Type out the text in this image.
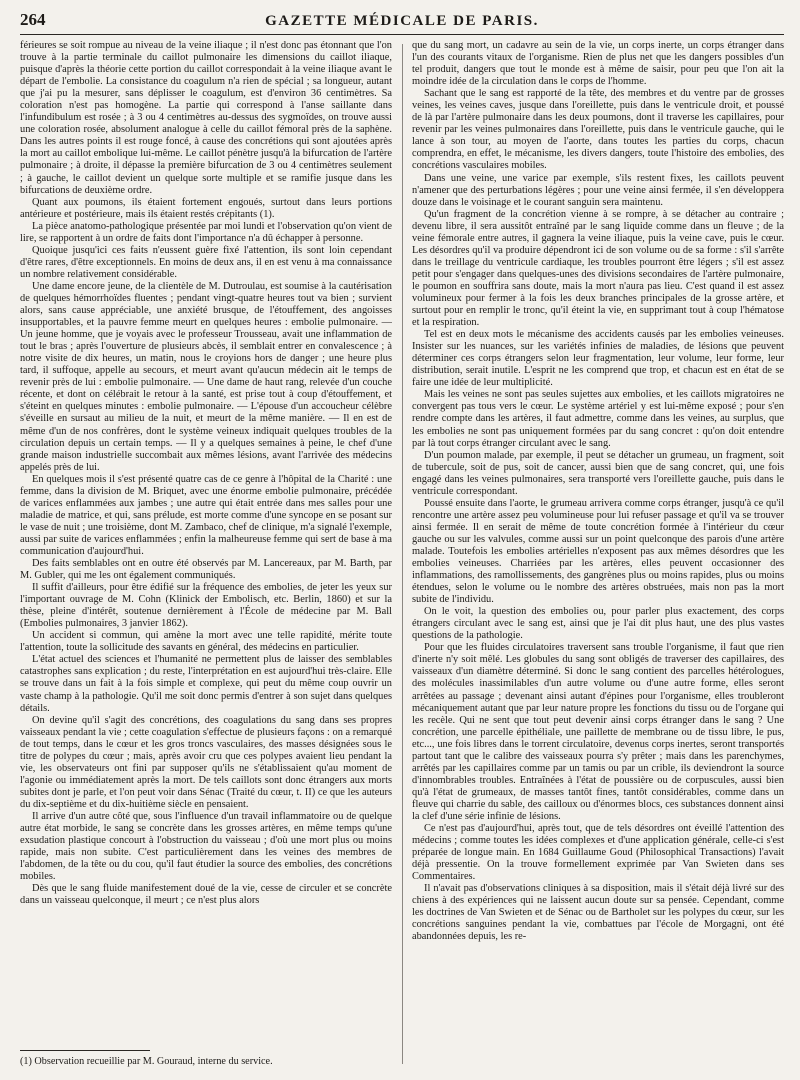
264	GAZETTE MÉDICALE DE PARIS.

férieures se soit rompue au niveau de la veine iliaque ; il n'est donc pas étonnant que l'on trouve à la partie terminale du caillot pulmonaire les dimensions du caillot iliaque, puisque d'après la théorie cette portion du caillot correspondait à la veine iliaque avant le départ de l'embolie. La consistance du coagulum n'a rien de spécial ; sa longueur, autant que j'ai pu la mesurer, sans déplisser le coagulum, est d'environ 36 centimètres. Sa coloration n'est pas homogène. La partie qui correspond à l'anse saillante dans l'infundibulum est rosée ; à 3 ou 4 centimètres au-dessus des sygmoïdes, on trouve aussi une coloration rosée, absolument analogue à celle du caillot fémoral près de la saphène. Dans les autres points il est rouge foncé, à cause des concrétions qui sont ajoutées après la mort au caillot embolique lui-même. Le caillot pénètre jusqu'à la bifurcation de l'artère pulmonaire ; à droite, il dépasse la première bifurcation de 3 ou 4 centimètres seulement ; à gauche, le caillot devient un quelque sorte multiple et se ramifie jusque dans les bifurcations de deuxième ordre.

Quant aux poumons, ils étaient fortement engoués, surtout dans leurs portions antérieure et postérieure, mais ils étaient restés crépitants (1).

La pièce anatomo-pathologique présentée par moi lundi et l'observation qu'on vient de lire, se rapportent à un ordre de faits dont l'importance n'a dû échapper à personne.

Quoique jusqu'ici ces faits n'eussent guère fixé l'attention, ils sont loin cependant d'être rares, d'être exceptionnels. En moins de deux ans, il en est venu à ma connaissance un nombre relativement considérable.

Une dame encore jeune, de la clientèle de M. Dutroulau, est soumise à la cautérisation de quelques hémorrhoïdes fluentes ; pendant vingt-quatre heures tout va bien ; survient alors, sans cause appréciable, une anxiété brusque, de l'étouffement, des angoisses insupportables, et la pauvre femme meurt en quelques heures : embolie pulmonaire. — Un jeune homme, que je voyais avec le professeur Trousseau, avait une inflammation de tout le bras ; après l'ouverture de plusieurs abcès, il semblait entrer en convalescence ; à notre visite de dix heures, un matin, nous le croyions hors de danger ; une heure plus tard, il suffoque, appelle au secours, et meurt avant qu'aucun médecin ait le temps de revenir près de lui : embolie pulmonaire. — Une dame de haut rang, relevée d'un couche récente, et dont on célébrait le retour à la santé, est prise tout à coup d'étouffement, et s'éteint en quelques minutes : embolie pulmonaire. — L'épouse d'un accoucheur célèbre s'éveille en sursaut au milieu de la nuit, et meurt de la même manière. — Il en est de même d'un de nos confrères, dont le système veineux indiquait quelques troubles de la circulation depuis un certain temps. — Il y a quelques semaines à peine, le chef d'une grande maison industrielle succombait aux mêmes lésions, avant l'arrivée des médecins appelés près de lui.

En quelques mois il s'est présenté quatre cas de ce genre à l'hôpital de la Charité : une femme, dans la division de M. Briquet, avec une énorme embolie pulmonaire, précédée de varices enflammées aux jambes ; une autre qui était entrée dans mes salles pour une maladie de matrice, et qui, sans prélude, est morte comme d'une syncope en se posant sur le vase de nuit ; une troisième, dont M. Zambaco, chef de clinique, m'a signalé l'exemple, aussi par suite de varices enflammées ; enfin la malheureuse femme qui sert de base à ma communication d'aujourd'hui.

Des faits semblables ont en outre été observés par M. Lancereaux, par M. Barth, par M. Gubler, qui me les ont également communiqués.

Il suffit d'ailleurs, pour être édifié sur la fréquence des embolies, de jeter les yeux sur l'important ouvrage de M. Cohn (Klinick der Embolisch, etc. Berlin, 1860) et sur la thèse, pleine d'intérêt, soutenue dernièrement à l'École de médecine par M. Ball (Embolies pulmonaires, 3 janvier 1862).

Un accident si commun, qui amène la mort avec une telle rapidité, mérite toute l'attention, toute la sollicitude des savants en général, des médecins en particulier.

L'état actuel des sciences et l'humanité ne permettent plus de laisser des semblables catastrophes sans explication ; du reste, l'interprétation en est aujourd'hui très-claire. Elle se trouve dans un fait à la fois simple et complexe, qui peut du même coup ouvrir un vaste champ à la pathologie. Qu'il me soit donc permis d'entrer à son sujet dans quelques détails.

On devine qu'il s'agit des concrétions, des coagulations du sang dans ses propres vaisseaux pendant la vie ; cette coagulation s'effectue de plusieurs façons : on a remarqué de tout temps, dans le cœur et les gros troncs vasculaires, des masses désignées sous le titre de polypes du cœur ; mais, après avoir cru que ces polypes avaient lieu pendant la vie, les observateurs ont fini par supposer qu'ils ne s'établissaient qu'au moment de l'agonie ou immédiatement après la mort. De tels caillots sont donc étrangers aux morts subites dont je parle, et l'on peut voir dans Sénac (Traité du cœur, t. II) ce que les auteurs du dix-septième et du dix-huitième siècle en pensaient.

Il arrive d'un autre côté que, sous l'influence d'un travail inflammatoire ou de quelque autre état morbide, le sang se concrète dans les grosses artères, en même temps qu'une exsudation plastique concourt à l'obstruction du vaisseau ; d'où une mort plus ou moins rapide, mais non subite. C'est particulièrement dans les veines des membres de l'abdomen, de la tête ou du cou, qu'il faut étudier la source des embolies, des concrétions mobiles.

Dès que le sang fluide manifestement doué de la vie, cesse de circuler et se concrète dans un vaisseau quelconque, il meurt ; ce n'est plus alors

(1) Observation recueillie par M. Gouraud, interne du service.

que du sang mort, un cadavre au sein de la vie, un corps inerte, un corps étranger dans l'un des courants vitaux de l'organisme. Rien de plus net que les dangers possibles d'un tel produit, dangers que tout le monde est à même de saisir, pour peu que l'on ait la moindre idée de la circulation dans le corps de l'homme.

Sachant que le sang est rapporté de la tête, des membres et du ventre par de grosses veines, les veines caves, jusque dans l'oreillette, puis dans le ventricule droit, et poussé de là par l'artère pulmonaire dans les deux poumons, dont il traverse les capillaires, pour revenir par les veines pulmonaires dans l'oreillette, puis dans le ventricule gauche, qui le lance à son tour, au moyen de l'aorte, dans toutes les parties du corps, chacun comprendra, en effet, le mécanisme, les divers dangers, toute l'histoire des embolies, des concrétions vasculaires mobiles.

Dans une veine, une varice par exemple, s'ils restent fixes, les caillots peuvent n'amener que des perturbations légères ; pour une veine ainsi fermée, il s'en développera douze dans le voisinage et le courant sanguin sera maintenu.

Qu'un fragment de la concrétion vienne à se rompre, à se détacher au contraire ; devenu libre, il sera aussitôt entraîné par le sang liquide comme dans un fleuve ; de la veine fémorale entre autres, il gagnera la veine iliaque, puis la veine cave, puis le cœur. Les désordres qu'il va produire dépendront ici de son volume ou de sa forme : s'il s'arrête dans le treillage du ventricule cardiaque, les troubles pourront être légers ; s'il est assez petit pour s'engager dans quelques-unes des divisions secondaires de l'artère pulmonaire, le poumon en souffrira sans doute, mais la mort n'aura pas lieu. C'est quand il est assez volumineux pour fermer à la fois les deux branches principales de la grosse artère, et surtout pour en remplir le tronc, qu'il éteint la vie, en supprimant tout à coup l'hématose et la respiration.

Tel est en deux mots le mécanisme des accidents causés par les embolies veineuses. Insister sur les nuances, sur les variétés infinies de maladies, de lésions que peuvent déterminer ces corps étrangers selon leur fragmentation, leur volume, leur forme, leur distribution, serait inutile. L'esprit ne les comprend que trop, et chacun est en état de se faire une idée de leur multiplicité.

Mais les veines ne sont pas seules sujettes aux embolies, et les caillots migratoires ne convergent pas tous vers le cœur. Le système artériel y est lui-même exposé ; pour s'en rendre compte dans les artères, il faut admettre, comme dans les veines, au surplus, que les embolies ne sont pas uniquement formées par du sang concret : qu'on doit entendre par là tout corps étranger circulant avec le sang.

D'un poumon malade, par exemple, il peut se détacher un grumeau, un fragment, soit de tubercule, soit de pus, soit de cancer, aussi bien que de sang concret, qui, une fois engagé dans les veines pulmonaires, sera transporté vers l'oreillette gauche, puis dans le ventricule correspondant.

Poussé ensuite dans l'aorte, le grumeau arrivera comme corps étranger, jusqu'à ce qu'il rencontre une artère assez peu volumineuse pour lui refuser passage et qu'il va se trouver ainsi fermée. Il en serait de même de toute concrétion formée à l'intérieur du cœur gauche ou sur les valvules, comme aussi sur un point quelconque des parois d'une artère malade. Toutefois les embolies artérielles n'exposent pas aux mêmes désordres que les embolies veineuses. Charriées par les artères, elles peuvent occasionner des inflammations, des ramollissements, des gangrènes plus ou moins rapides, plus ou moins étendues, selon le volume ou le nombre des artères obstruées, mais non pas la mort subite de l'individu.

On le voit, la question des embolies ou, pour parler plus exactement, des corps étrangers circulant avec le sang est, ainsi que je l'ai dit plus haut, une des plus vastes questions de la pathologie.

Pour que les fluides circulatoires traversent sans trouble l'organisme, il faut que rien d'inerte n'y soit mêlé. Les globules du sang sont obligés de traverser des capillaires, des vaisseaux d'un diamètre déterminé. Si donc le sang contient des parcelles hétérologues, des molécules inassimilables d'un autre volume ou d'une autre forme, elles seront arrêtées au passage ; devenant ainsi autant d'épines pour l'organisme, elles troubleront mécaniquement autant que par leur nature propre les fonctions du tissu ou de l'organe qui les recèle. Qui ne sent que tout peut devenir ainsi corps étranger dans le sang ? Une concrétion, une parcelle épithéliale, une paillette de membrane ou de tissu libre, le pus, etc..., une fois libres dans le torrent circulatoire, devenus corps inertes, seront transportés partout tant que le calibre des vaisseaux pourra s'y prêter ; mais dans les parenchymes, arrêtés par les capillaires comme par un tamis ou par un crible, ils deviendront la source d'innombrables troubles. Entraînées à l'état de poussière ou de corpuscules, aussi bien qu'à l'état de grumeaux, de masses tantôt fines, tantôt considérables, comme dans un fleuve qui charrie du sable, des cailloux ou d'énormes blocs, ces substances donnent ainsi la clef d'une série infinie de lésions.

Ce n'est pas d'aujourd'hui, après tout, que de tels désordres ont éveillé l'attention des médecins ; comme toutes les idées complexes et d'une application générale, celle-ci s'est préparée de longue main. En 1684 Guillaume Goud (Philosophical Transactions) l'avait déjà pressentie. On la trouve formellement exprimée par Van Swieten dans ses Commentaires.

Il n'avait pas d'observations cliniques à sa disposition, mais il s'était déjà livré sur des chiens à des expériences qui ne laissent aucun doute sur sa pensée. Cependant, comme les doctrines de Van Swieten et de Sénac ou de Bartholet sur les polypes du cœur, sur les concrétions sanguines pendant la vie, combattues par l'école de Morgagni, ont été abandonnées depuis, les re-
